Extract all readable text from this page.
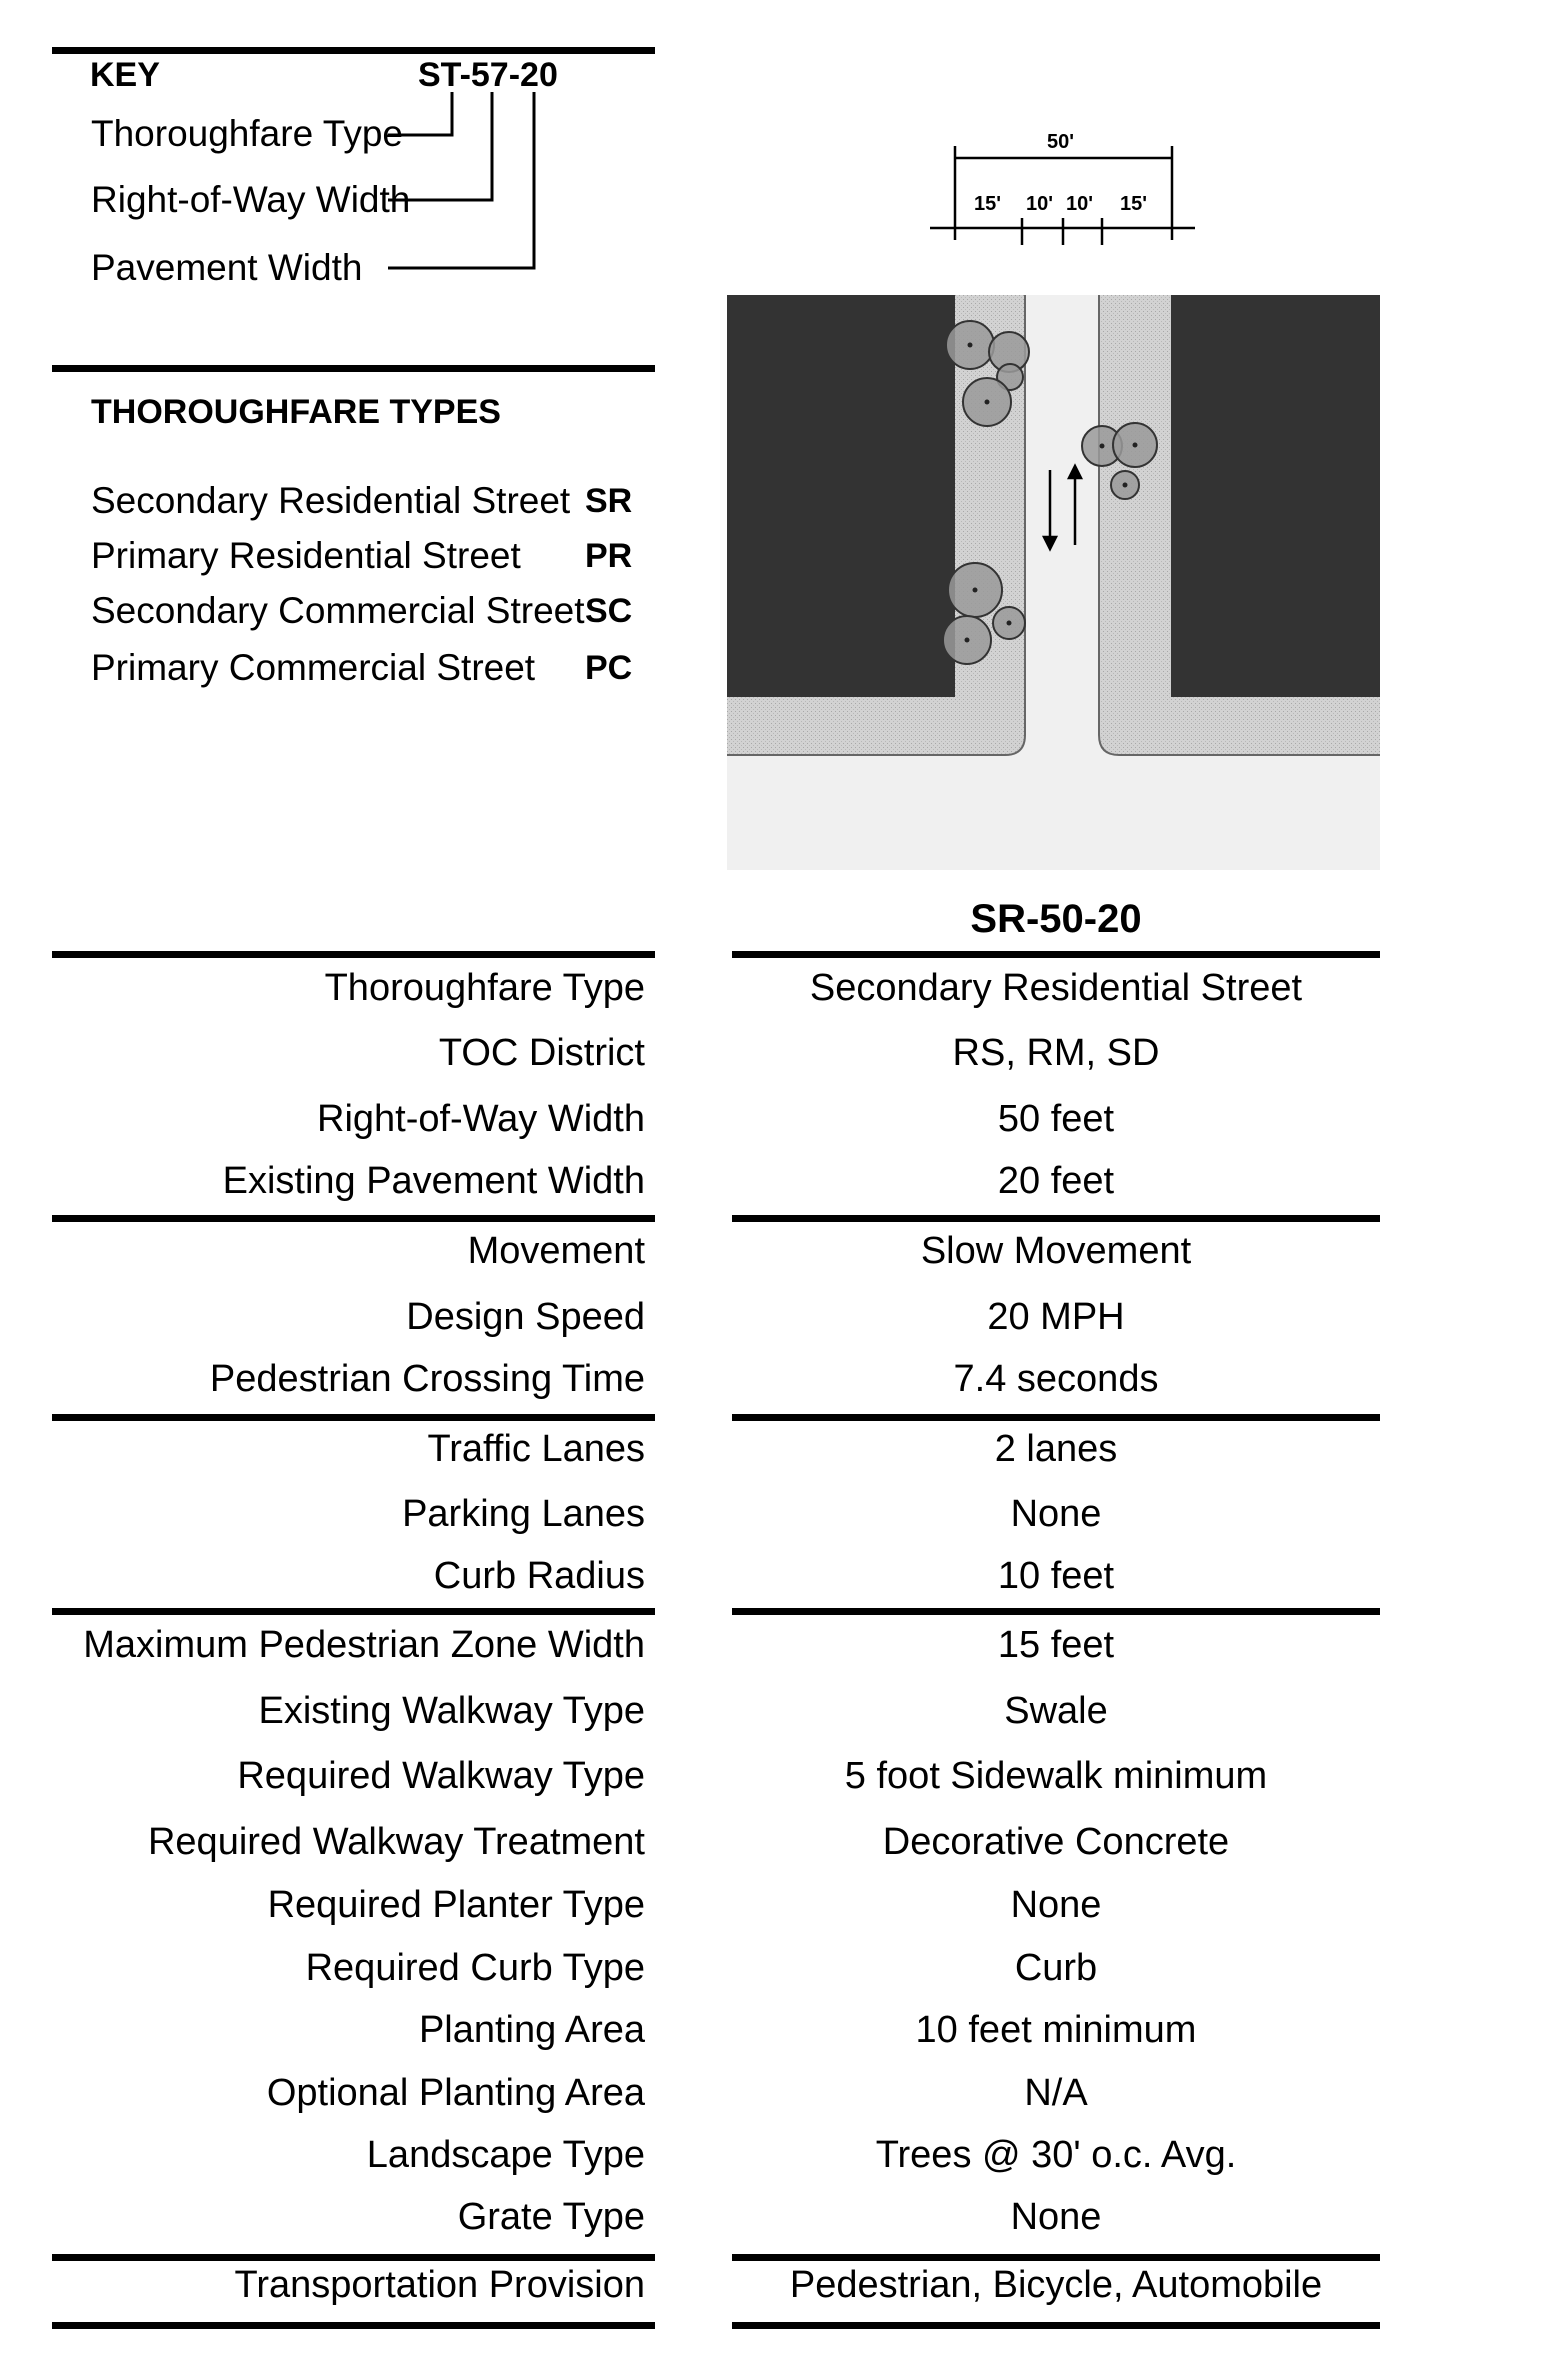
KEY	ST-57-20
Thoroughfare Type
Right-of-Way Width
Pavement Width
THOROUGHFARE TYPES
Secondary Residential Street SR
Primary Residential Street PR
Secondary Commercial Street SC
Primary Commercial Street PC
50'
15' 10' 10' 15'
SR-50-20
Thoroughfare Type	Secondary Residential Street
TOC District	RS, RM, SD
Right-of-Way Width	50 feet
Existing Pavement Width	20 feet
Movement	Slow Movement
Design Speed	20 MPH
Pedestrian Crossing Time	7.4 seconds
Traffic Lanes	2 lanes
Parking Lanes	None
Curb Radius	10 feet
Maximum Pedestrian Zone Width	15 feet
Existing Walkway Type	Swale
Required Walkway Type	5 foot Sidewalk minimum
Required Walkway Treatment	Decorative Concrete
Required Planter Type	None
Required Curb Type	Curb
Planting Area	10 feet minimum
Optional Planting Area	N/A
Landscape Type	Trees @ 30' o.c. Avg.
Grate Type	None
Transportation Provision	Pedestrian, Bicycle, Automobile
